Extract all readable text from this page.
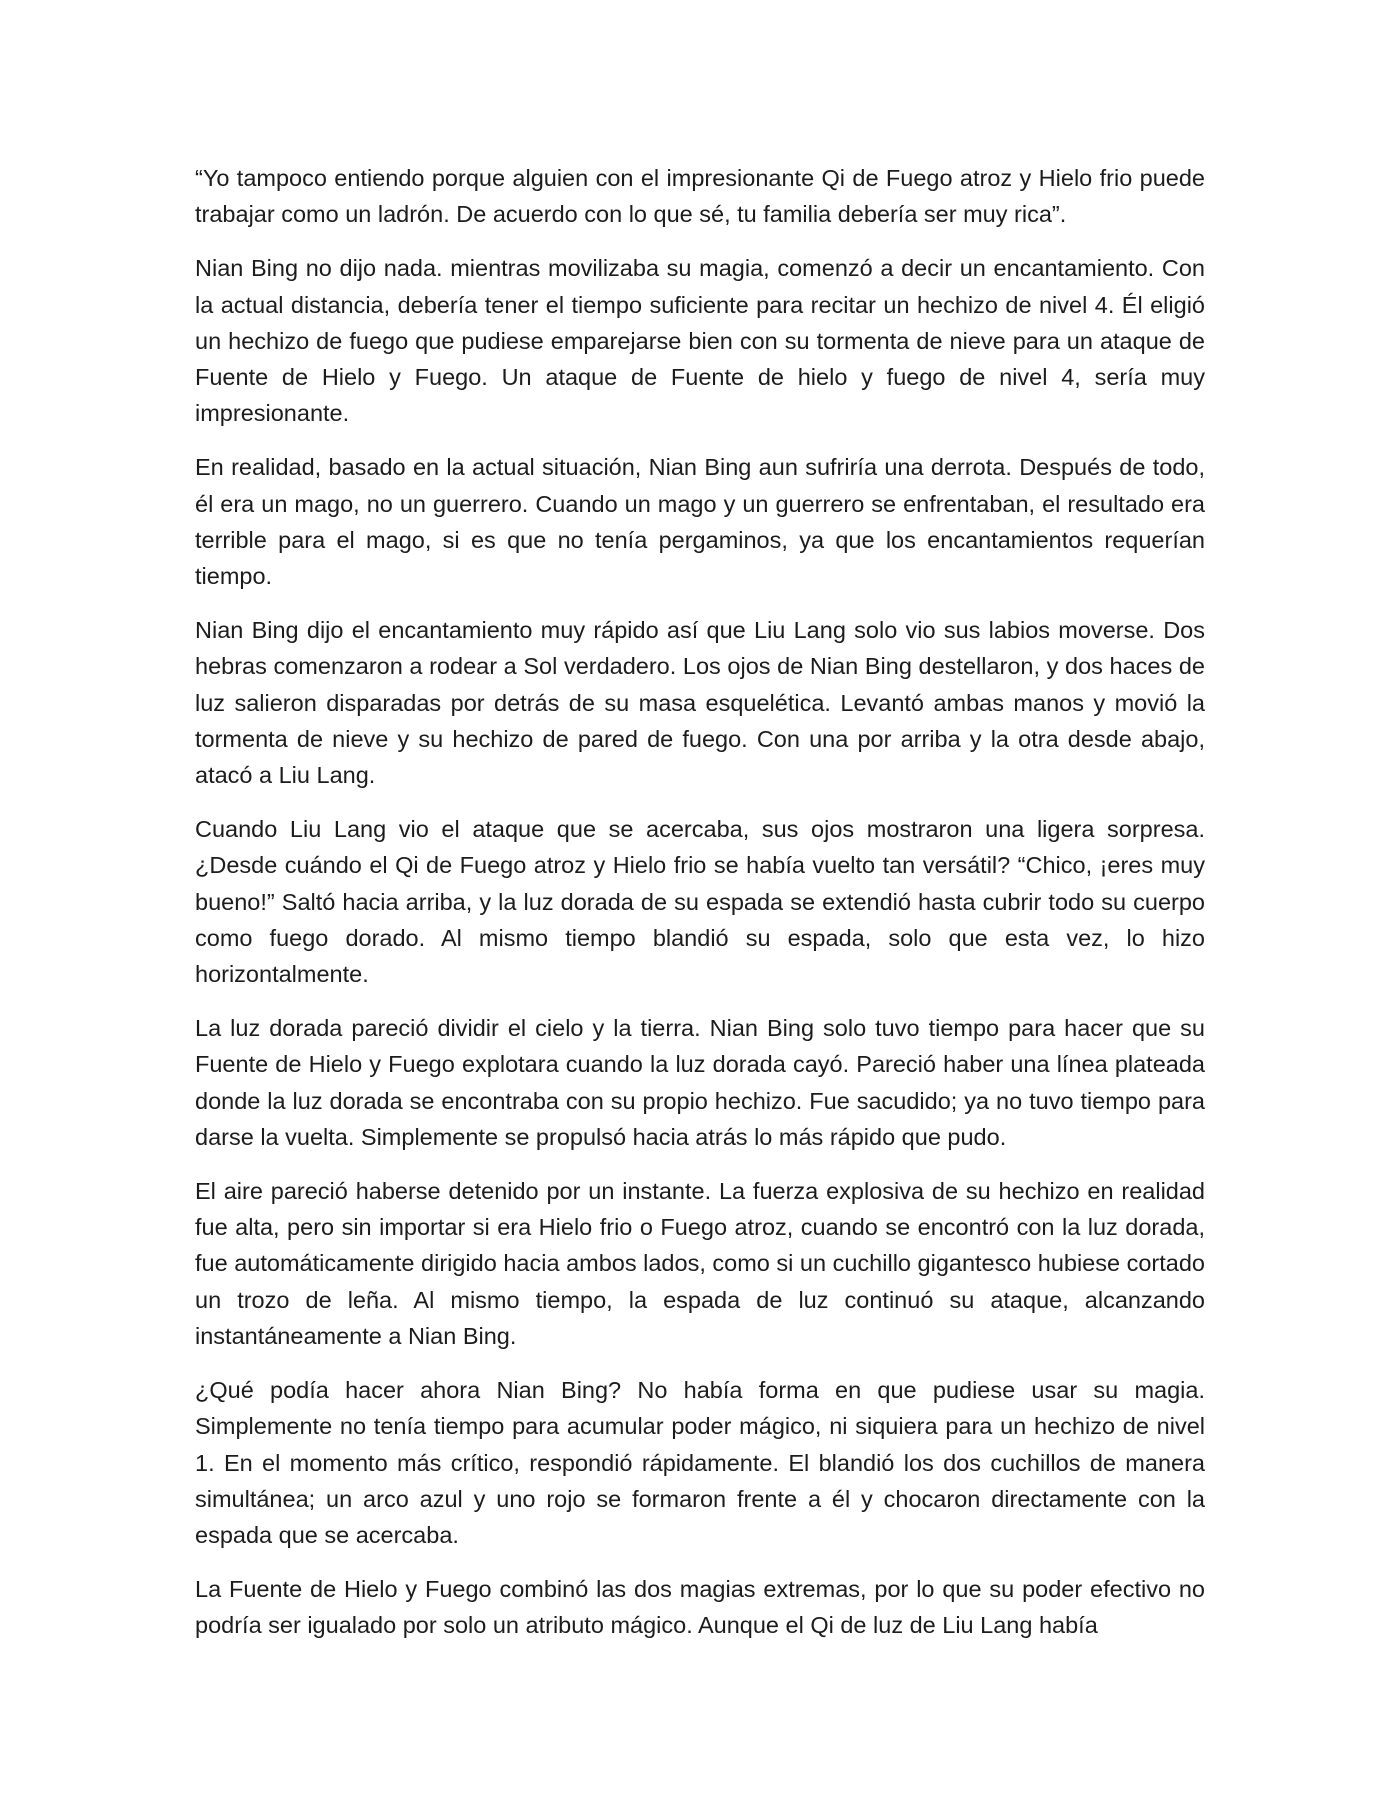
“Yo tampoco entiendo porque alguien con el impresionante Qi de Fuego atroz y Hielo frio puede trabajar como un ladrón. De acuerdo con lo que sé, tu familia debería ser muy rica”.

Nian Bing no dijo nada. mientras movilizaba su magia, comenzó a decir un encantamiento. Con la actual distancia, debería tener el tiempo suficiente para recitar un hechizo de nivel 4. Él eligió un hechizo de fuego que pudiese emparejarse bien con su tormenta de nieve para un ataque de Fuente de Hielo y Fuego. Un ataque de Fuente de hielo y fuego de nivel 4, sería muy impresionante.

En realidad, basado en la actual situación, Nian Bing aun sufriría una derrota. Después de todo, él era un mago, no un guerrero. Cuando un mago y un guerrero se enfrentaban, el resultado era terrible para el mago, si es que no tenía pergaminos, ya que los encantamientos requerían tiempo.

Nian Bing dijo el encantamiento muy rápido así que Liu Lang solo vio sus labios moverse. Dos hebras comenzaron a rodear a Sol verdadero. Los ojos de Nian Bing destellaron, y dos haces de luz salieron disparadas por detrás de su masa esquelética. Levantó ambas manos y movió la tormenta de nieve y su hechizo de pared de fuego. Con una por arriba y la otra desde abajo, atacó a Liu Lang.

Cuando Liu Lang vio el ataque que se acercaba, sus ojos mostraron una ligera sorpresa. ¿Desde cuándo el Qi de Fuego atroz y Hielo frio se había vuelto tan versátil? “Chico, ¡eres muy bueno!” Saltó hacia arriba, y la luz dorada de su espada se extendió hasta cubrir todo su cuerpo como fuego dorado. Al mismo tiempo blandió su espada, solo que esta vez, lo hizo horizontalmente.

La luz dorada pareció dividir el cielo y la tierra. Nian Bing solo tuvo tiempo para hacer que su Fuente de Hielo y Fuego explotara cuando la luz dorada cayó. Pareció haber una línea plateada donde la luz dorada se encontraba con su propio hechizo. Fue sacudido; ya no tuvo tiempo para darse la vuelta. Simplemente se propulsó hacia atrás lo más rápido que pudo.

El aire pareció haberse detenido por un instante. La fuerza explosiva de su hechizo en realidad fue alta, pero sin importar si era Hielo frio o Fuego atroz, cuando se encontró con la luz dorada, fue automáticamente dirigido hacia ambos lados, como si un cuchillo gigantesco hubiese cortado un trozo de leña. Al mismo tiempo, la espada de luz continuó su ataque, alcanzando instantáneamente a Nian Bing.

¿Qué podía hacer ahora Nian Bing? No había forma en que pudiese usar su magia. Simplemente no tenía tiempo para acumular poder mágico, ni siquiera para un hechizo de nivel 1. En el momento más crítico, respondió rápidamente. El blandió los dos cuchillos de manera simultánea; un arco azul y uno rojo se formaron frente a él y chocaron directamente con la espada que se acercaba.

La Fuente de Hielo y Fuego combinó las dos magias extremas, por lo que su poder efectivo no podría ser igualado por solo un atributo mágico. Aunque el Qi de luz de Liu Lang había
